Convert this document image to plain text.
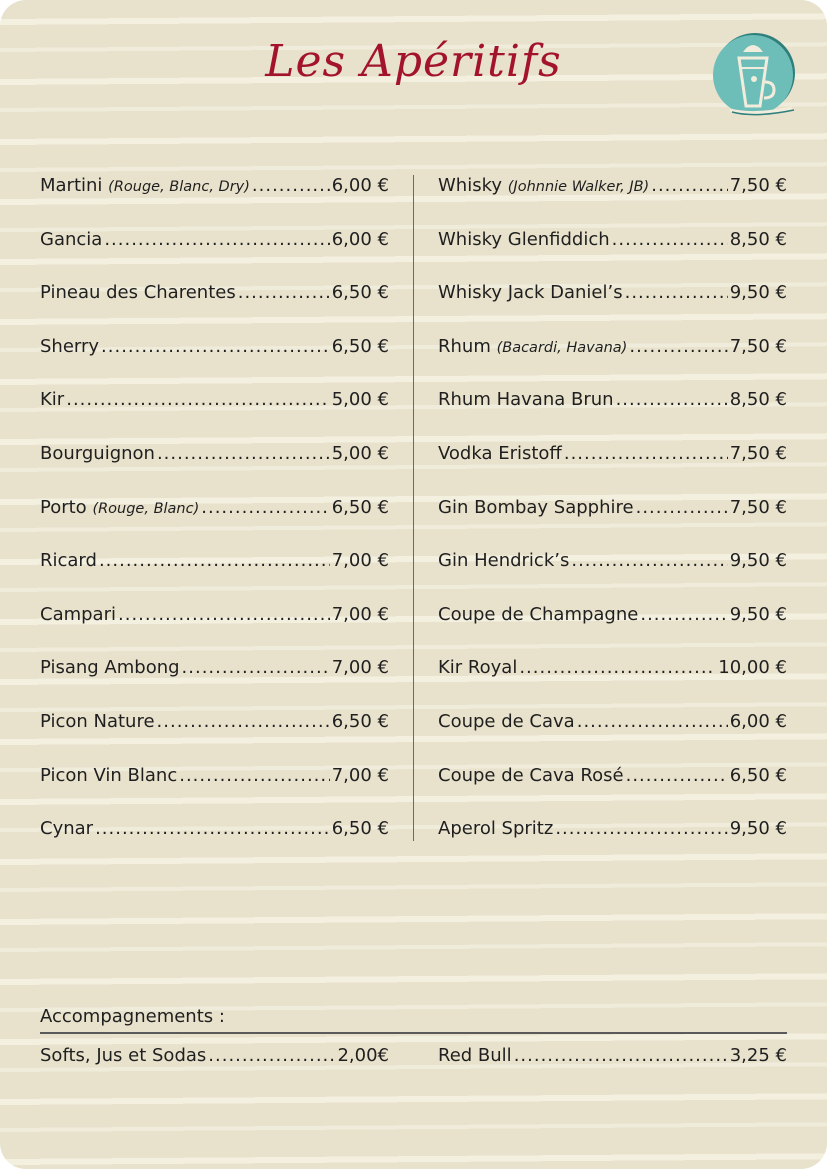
Les Apéritifs
Martini (Rouge, Blanc, Dry) .....	6,00 €
Gancia .....	6,00 €
Pineau des Charentes .....	6,50 €
Sherry .....	6,50 €
Kir .....	5,00 €
Bourguignon .....	5,00 €
Porto (Rouge, Blanc) .....	6,50 €
Ricard .....	7,00 €
Campari .....	7,00 €
Pisang Ambong .....	7,00 €
Picon Nature .....	6,50 €
Picon Vin Blanc .....	7,00 €
Cynar .....	6,50 €
Whisky (Johnnie Walker, JB) .....	7,50 €
Whisky Glenfiddich .....	8,50 €
Whisky Jack Daniel’s .....	9,50 €
Rhum (Bacardi, Havana) .....	7,50 €
Rhum Havana Brun .....	8,50 €
Vodka Eristoff .....	7,50 €
Gin Bombay Sapphire .....	7,50 €
Gin Hendrick’s .....	9,50 €
Coupe de Champagne .....	9,50 €
Kir Royal .....	10,00 €
Coupe de Cava .....	6,00 €
Coupe de Cava Rosé .....	6,50 €
Aperol Spritz .....	9,50 €
Accompagnements :
Softs, Jus et Sodas .....	2,00€	Red Bull .....	3,25 €
